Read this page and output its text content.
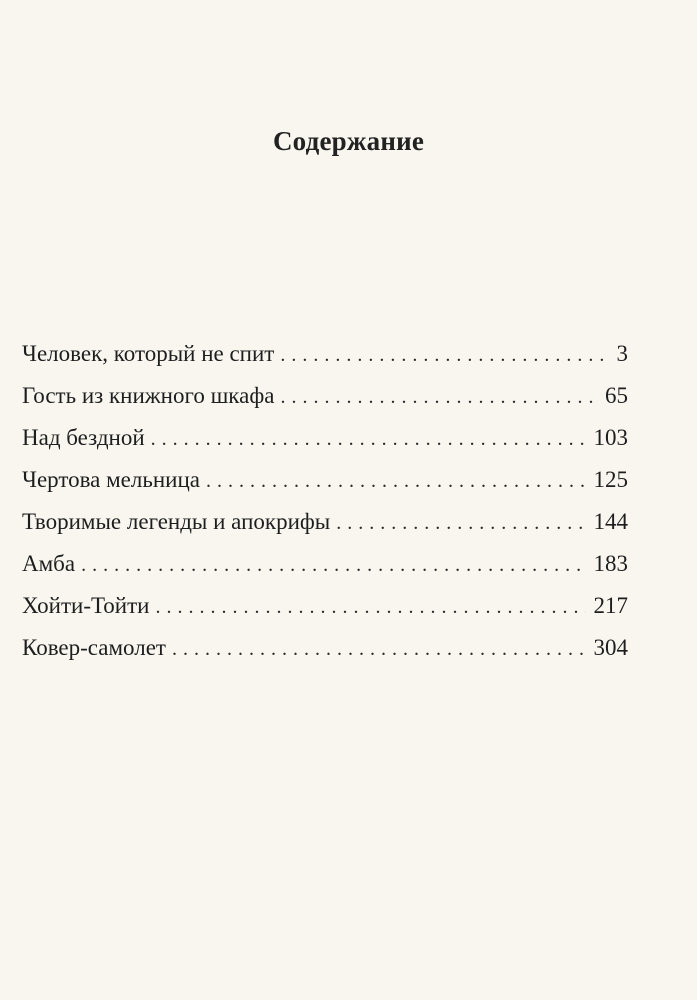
Содержание
Человек, который не спит . . .	3
Гость из книжного шкафа . . .	65
Над бездной . . .	103
Чертова мельница . . .	125
Творимые легенды и апокрифы . . .	144
Амба . . .	183
Хойти-Тойти . . .	217
Ковер-самолет . . .	304
